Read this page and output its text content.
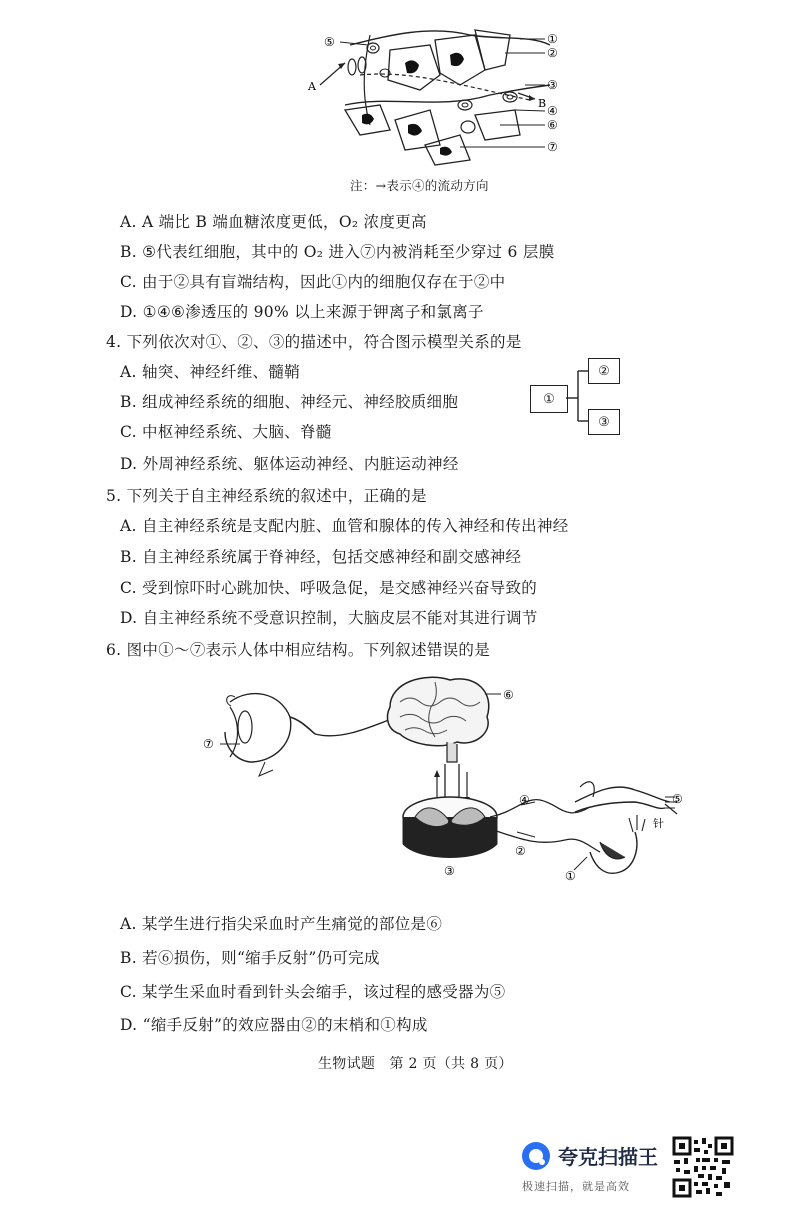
A
B
①
②
③
④
⑤
⑥
⑦
注：→表示④的流动方向
A. A 端比 B 端血糖浓度更低，O₂ 浓度更高
B. ⑤代表红细胞，其中的 O₂ 进入⑦内被消耗至少穿过 6 层膜
C. 由于②具有盲端结构，因此①内的细胞仅存在于②中
D. ①④⑥渗透压的 90% 以上来源于钾离子和氯离子
4. 下列依次对①、②、③的描述中，符合图示模型关系的是
A. 轴突、神经纤维、髓鞘
B. 组成神经系统的细胞、神经元、神经胶质细胞
C. 中枢神经系统、大脑、脊髓
D. 外周神经系统、躯体运动神经、内脏运动神经
①
②
③
5. 下列关于自主神经系统的叙述中，正确的是
A. 自主神经系统是支配内脏、血管和腺体的传入神经和传出神经
B. 自主神经系统属于脊神经，包括交感神经和副交感神经
C. 受到惊吓时心跳加快、呼吸急促，是交感神经兴奋导致的
D. 自主神经系统不受意识控制，大脑皮层不能对其进行调节
6. 图中①～⑦表示人体中相应结构。下列叙述错误的是
⑥
⑦
④	⑤
②
③	①
针
A. 某学生进行指尖采血时产生痛觉的部位是⑥
B. 若⑥损伤，则“缩手反射”仍可完成
C. 某学生采血时看到针头会缩手，该过程的感受器为⑤
D. “缩手反射”的效应器由②的末梢和①构成
生物试题　第 2 页（共 8 页）
夸克扫描王
极速扫描，就是高效
